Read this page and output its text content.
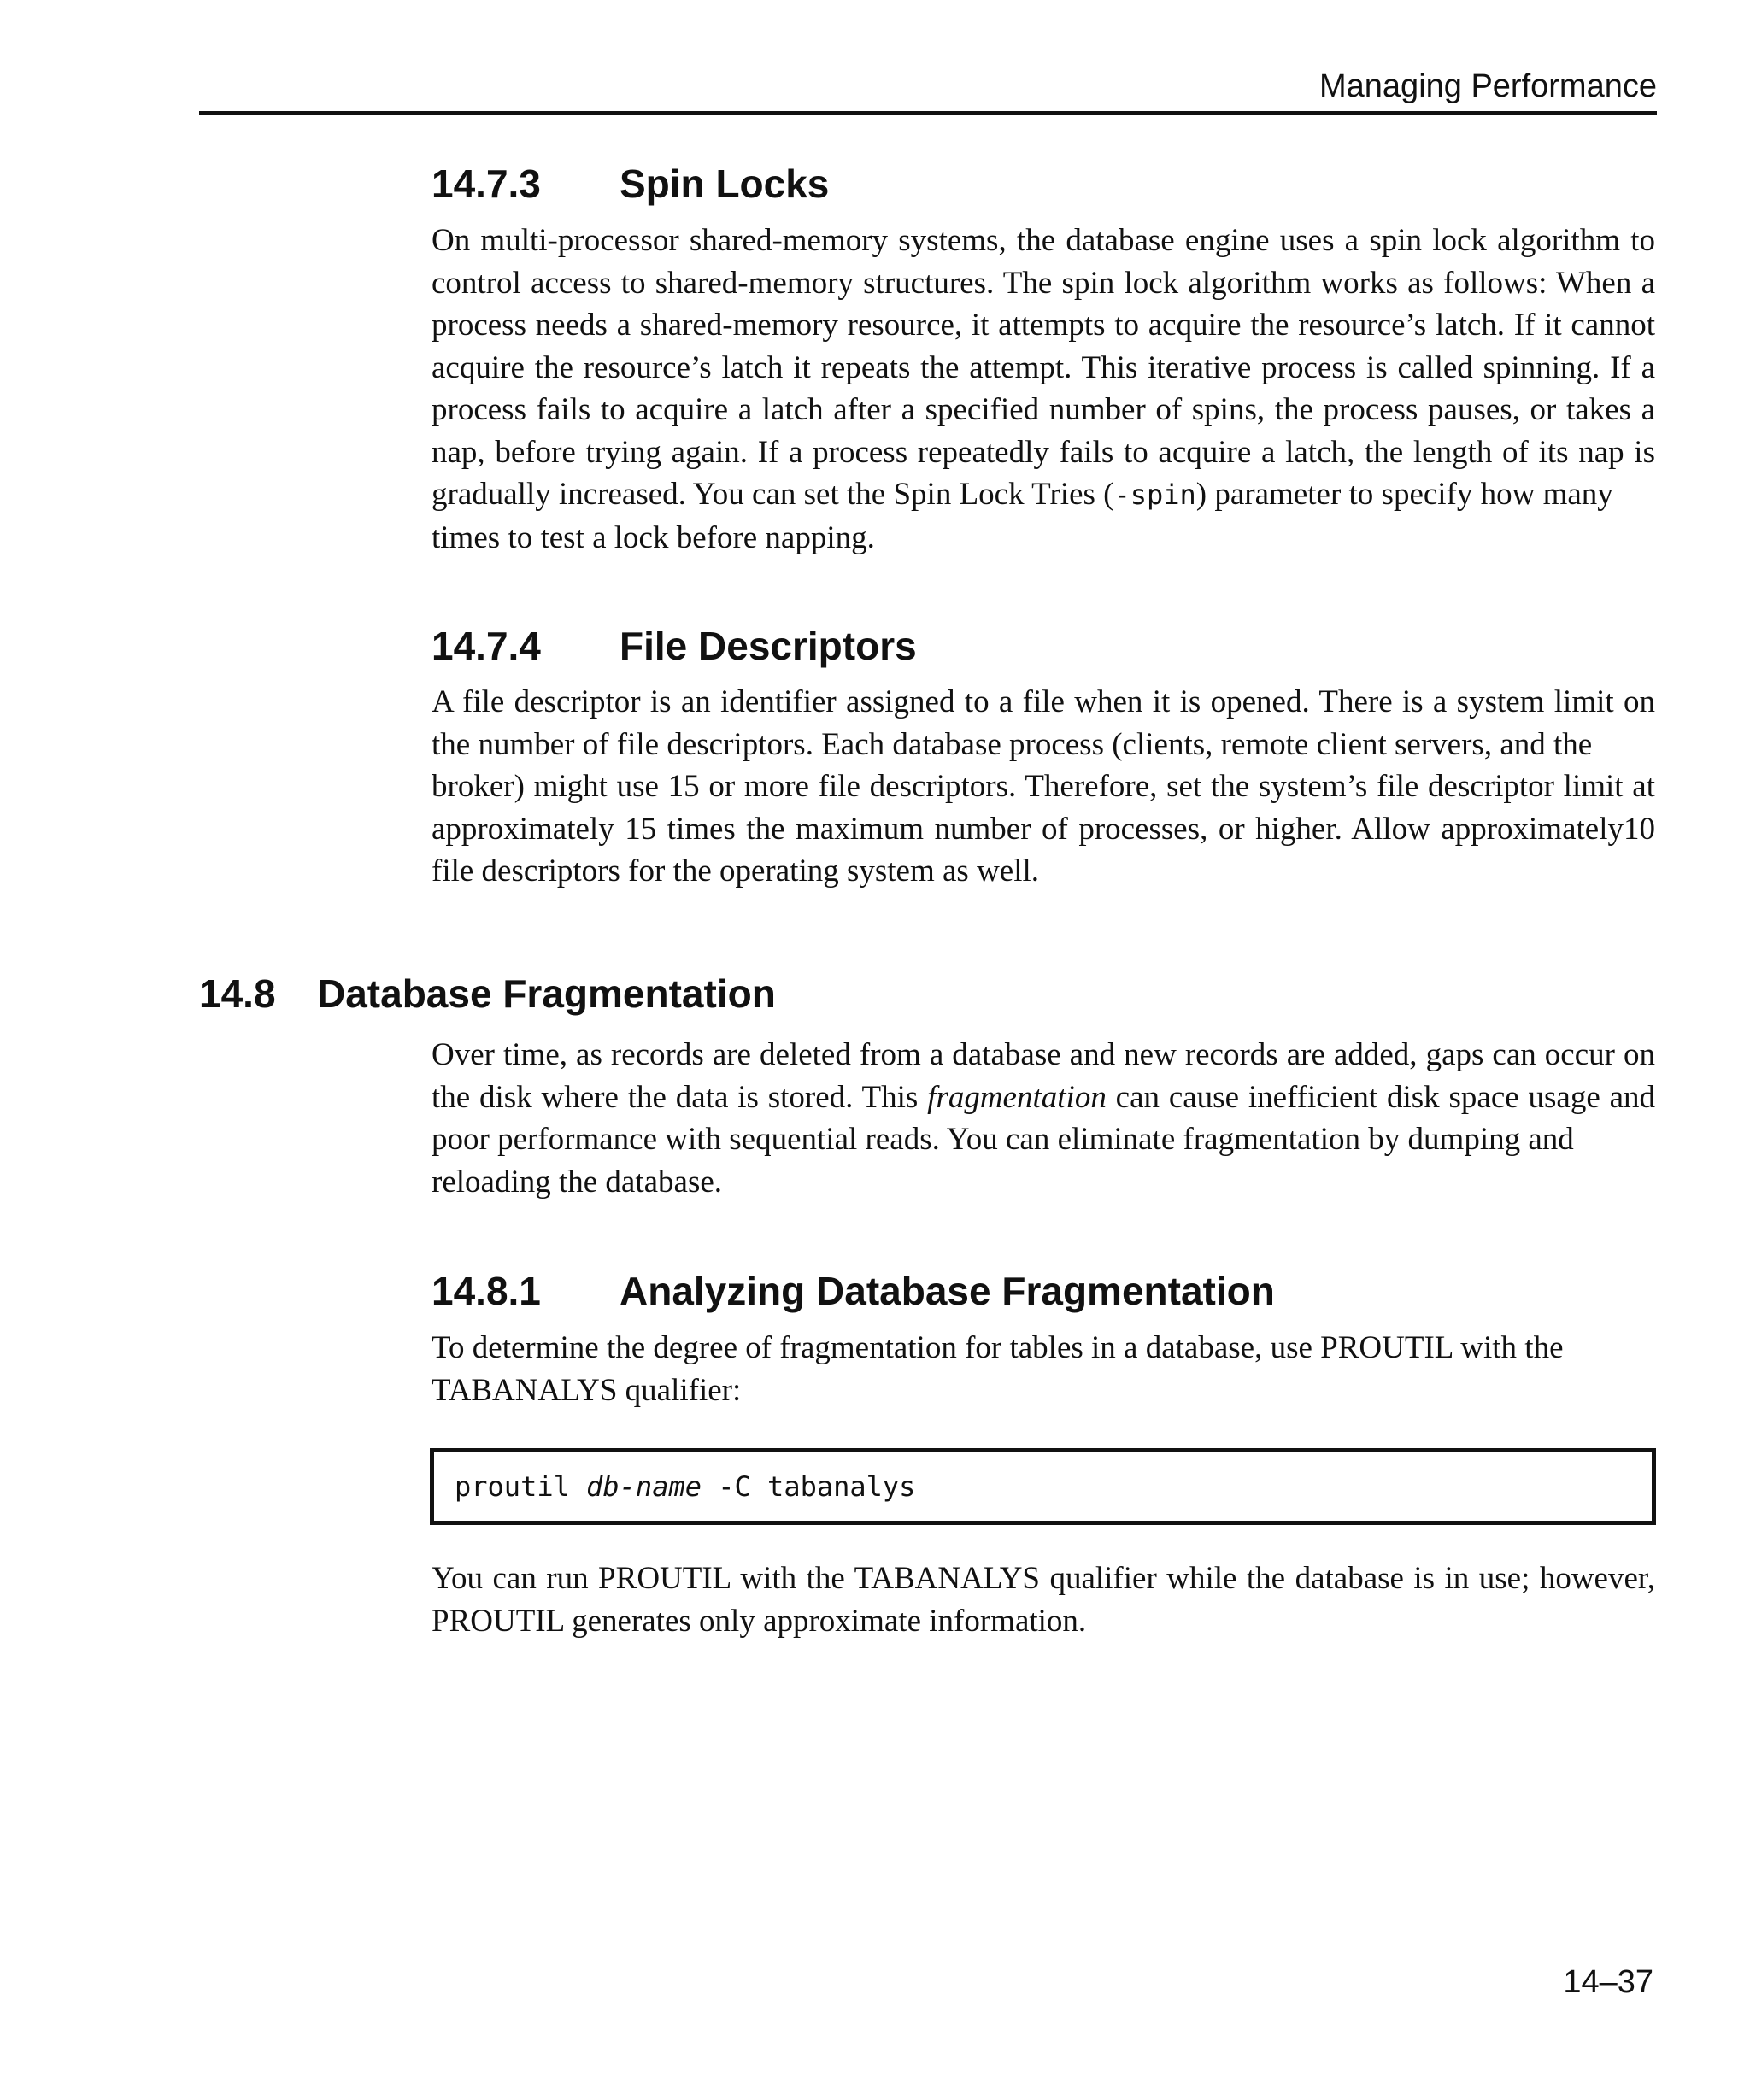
Managing Performance
14.7.3 Spin Locks
On multi-processor shared-memory systems, the database engine uses a spin lock algorithm to
control access to shared-memory structures. The spin lock algorithm works as follows: When a
process needs a shared-memory resource, it attempts to acquire the resource’s latch. If it cannot
acquire the resource’s latch it repeats the attempt. This iterative process is called spinning. If a
process fails to acquire a latch after a specified number of spins, the process pauses, or takes a
nap, before trying again. If a process repeatedly fails to acquire a latch, the length of its nap is
gradually increased. You can set the Spin Lock Tries (-spin) parameter to specify how many
times to test a lock before napping.
14.7.4 File Descriptors
A file descriptor is an identifier assigned to a file when it is opened. There is a system limit on
the number of file descriptors. Each database process (clients, remote client servers, and the
broker) might use 15 or more file descriptors. Therefore, set the system’s file descriptor limit at
approximately 15 times the maximum number of processes, or higher. Allow approximately10
file descriptors for the operating system as well.
14.8 Database Fragmentation
Over time, as records are deleted from a database and new records are added, gaps can occur on
the disk where the data is stored. This fragmentation can cause inefficient disk space usage and
poor performance with sequential reads. You can eliminate fragmentation by dumping and
reloading the database.
14.8.1 Analyzing Database Fragmentation
To determine the degree of fragmentation for tables in a database, use PROUTIL with the
TABANALYS qualifier:
proutil db-name -C tabanalys
You can run PROUTIL with the TABANALYS qualifier while the database is in use; however,
PROUTIL generates only approximate information.
14–37
